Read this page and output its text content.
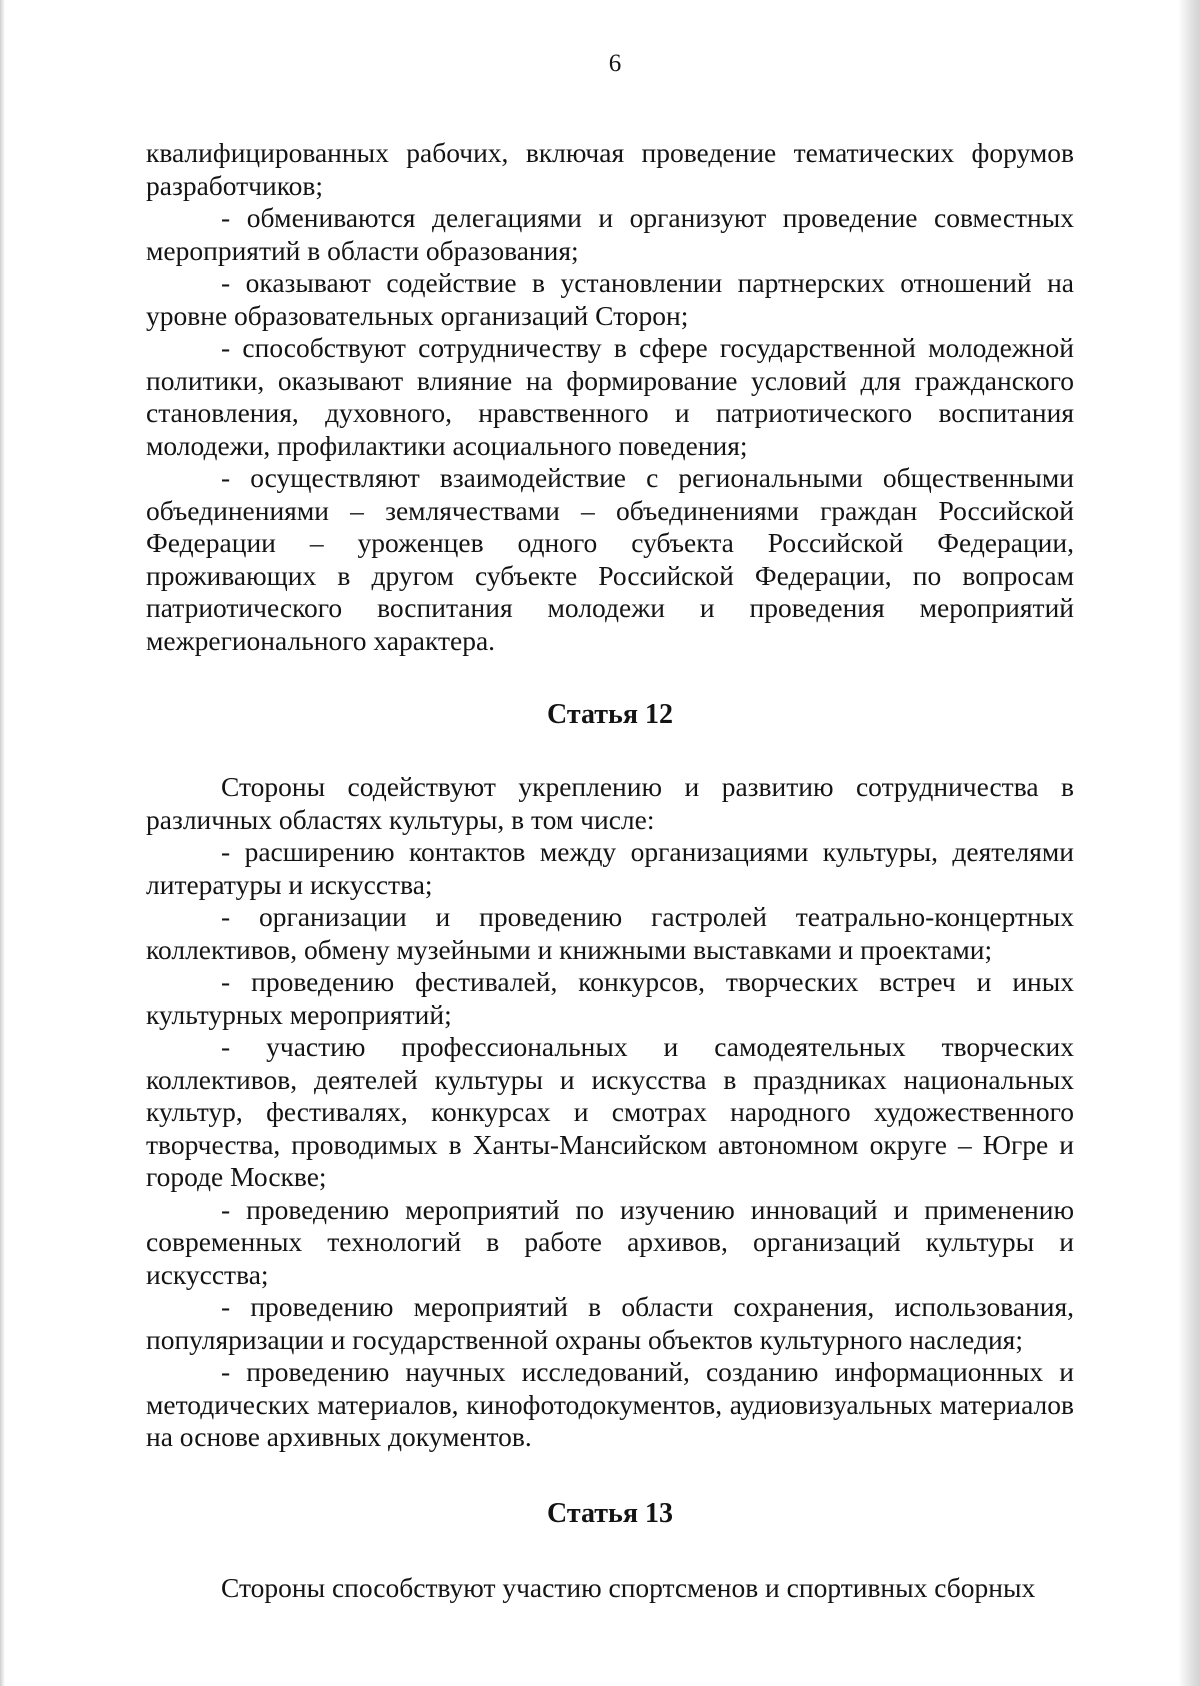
6

квалифицированных рабочих, включая проведение тематических форумов разработчиков;

- обмениваются делегациями и организуют проведение совместных мероприятий в области образования;

- оказывают содействие в установлении партнерских отношений на уровне образовательных организаций Сторон;

- способствуют сотрудничеству в сфере государственной молодежной политики, оказывают влияние на формирование условий для гражданского становления, духовного, нравственного и патриотического воспитания молодежи, профилактики асоциального поведения;

- осуществляют взаимодействие с региональными общественными объединениями – землячествами – объединениями граждан Российской Федерации – уроженцев одного субъекта Российской Федерации, проживающих в другом субъекте Российской Федерации, по вопросам патриотического воспитания молодежи и проведения мероприятий межрегионального характера.

Статья 12

Стороны содействуют укреплению и развитию сотрудничества в различных областях культуры, в том числе:

- расширению контактов между организациями культуры, деятелями литературы и искусства;

- организации и проведению гастролей театрально-концертных коллективов, обмену музейными и книжными выставками и проектами;

- проведению фестивалей, конкурсов, творческих встреч и иных культурных мероприятий;

- участию профессиональных и самодеятельных творческих коллективов, деятелей культуры и искусства в праздниках национальных культур, фестивалях, конкурсах и смотрах народного художественного творчества, проводимых в Ханты-Мансийском автономном округе – Югре и городе Москве;

- проведению мероприятий по изучению инноваций и применению современных технологий в работе архивов, организаций культуры и искусства;

- проведению мероприятий в области сохранения, использования, популяризации и государственной охраны объектов культурного наследия;

- проведению научных исследований, созданию информационных и методических материалов, кинофотодокументов, аудиовизуальных материалов на основе архивных документов.

Статья 13

Стороны способствуют участию спортсменов и спортивных сборных
